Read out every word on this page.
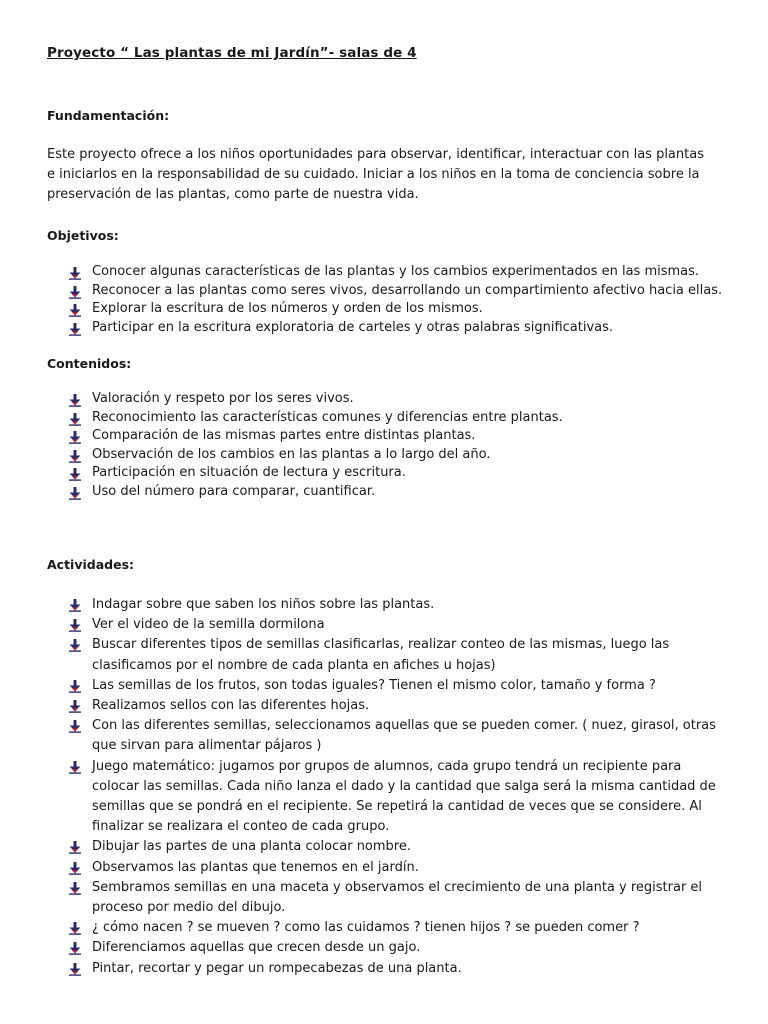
Proyecto “ Las plantas de mi Jardín”- salas de 4
Fundamentación:
Este proyecto ofrece a los niños oportunidades para observar, identificar, interactuar con las plantas
e iniciarlos en la responsabilidad de su cuidado. Iniciar a los niños en la toma de conciencia sobre la
preservación de las plantas, como parte de nuestra vida.
Objetivos:
Conocer algunas características de las plantas y los cambios experimentados en las mismas.
Reconocer a las plantas como seres vivos, desarrollando un compartimiento afectivo hacia ellas.
Explorar la escritura de los números y orden de los mismos.
Participar en la escritura exploratoria de carteles y otras palabras significativas.
Contenidos:
Valoración y respeto por los seres vivos.
Reconocimiento las características comunes y diferencias entre plantas.
Comparación de las mismas partes entre distintas plantas.
Observación de los cambios en las plantas a lo largo del año.
Participación en situación de lectura y escritura.
Uso del número para comparar, cuantificar.
Actividades:
Indagar sobre que saben los niños sobre las plantas.
Ver el video de la semilla dormilona
Buscar diferentes tipos de semillas clasificarlas, realizar conteo de las mismas, luego las clasificamos por el nombre de cada planta en afiches u hojas)
Las semillas de los frutos, son todas iguales? Tienen el mismo color, tamaño y forma ?
Realizamos sellos con las diferentes hojas.
Con las diferentes semillas, seleccionamos aquellas que se pueden comer. ( nuez, girasol, otras que sirvan para alimentar pájaros )
Juego matemático: jugamos por grupos de alumnos, cada grupo tendrá un recipiente para colocar las semillas. Cada niño lanza el dado y la cantidad que salga será la misma cantidad de semillas que se pondrá en el recipiente. Se repetirá la cantidad de veces que se considere. Al finalizar se realizara el conteo de cada grupo.
Dibujar las partes de una planta colocar nombre.
Observamos las plantas que tenemos en el jardín.
Sembramos semillas en una maceta y observamos el crecimiento de una planta y registrar el proceso por medio del dibujo.
¿ cómo nacen ? se mueven ? como las cuidamos ? tienen hijos ? se pueden comer ?
Diferenciamos aquellas que crecen desde un gajo.
Pintar, recortar y pegar un rompecabezas de una planta.
